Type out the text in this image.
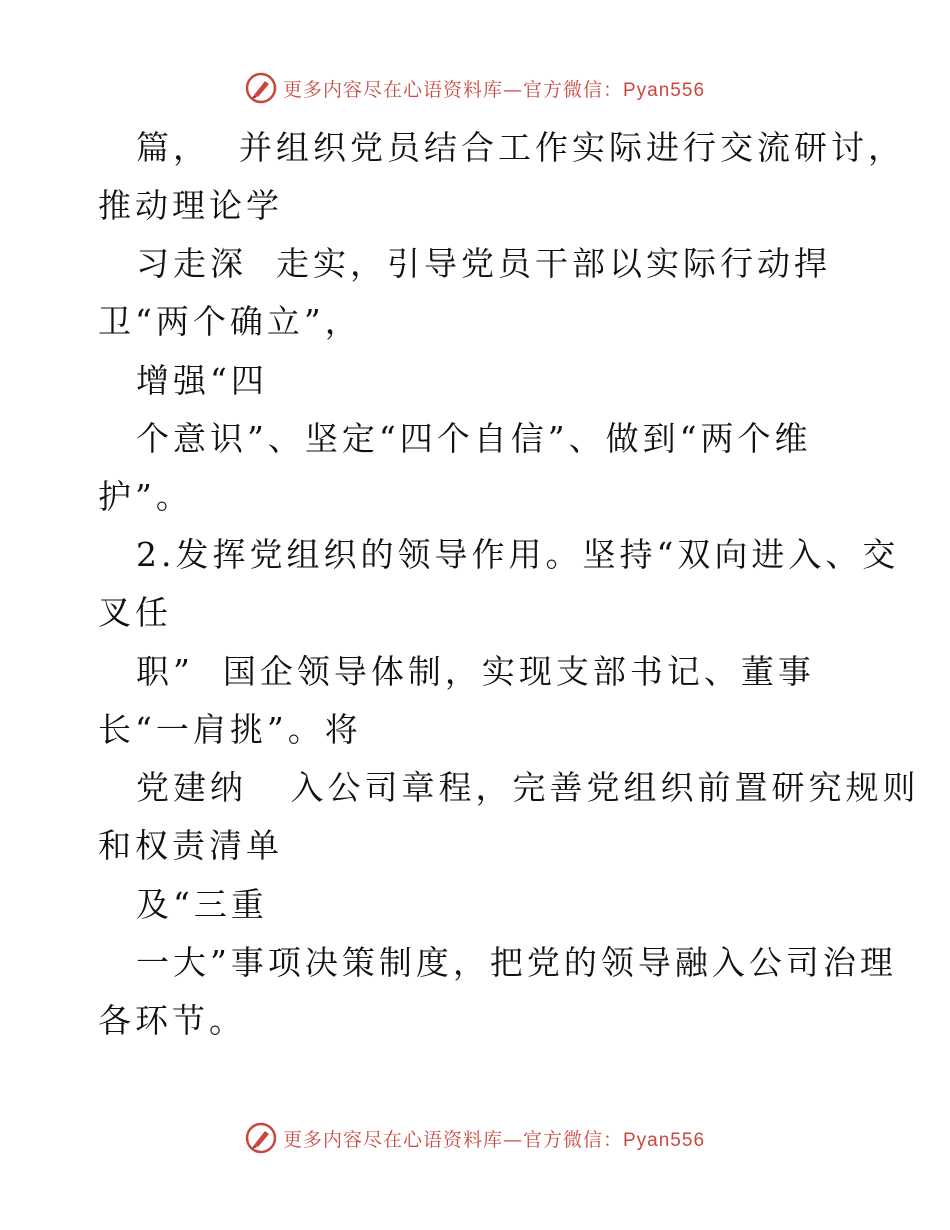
更多内容尽在心语资料库—官方微信：Pyan556
篇，  并组织党员结合工作实际进行交流研讨，
推动理论学
习走深  走实，引导党员干部以实际行动捍
卫“两个确立”，
增强“四
个意识”、坚定“四个自信”、做到“两个维
护”。
2.发挥党组织的领导作用。坚持“双向进入、交
叉任
职”  国企领导体制，实现支部书记、董事
长“一肩挑”。将
党建纳   入公司章程，完善党组织前置研究规则
和权责清单
及“三重
一大”事项决策制度，把党的领导融入公司治理
各环节。
更多内容尽在心语资料库—官方微信：Pyan556
